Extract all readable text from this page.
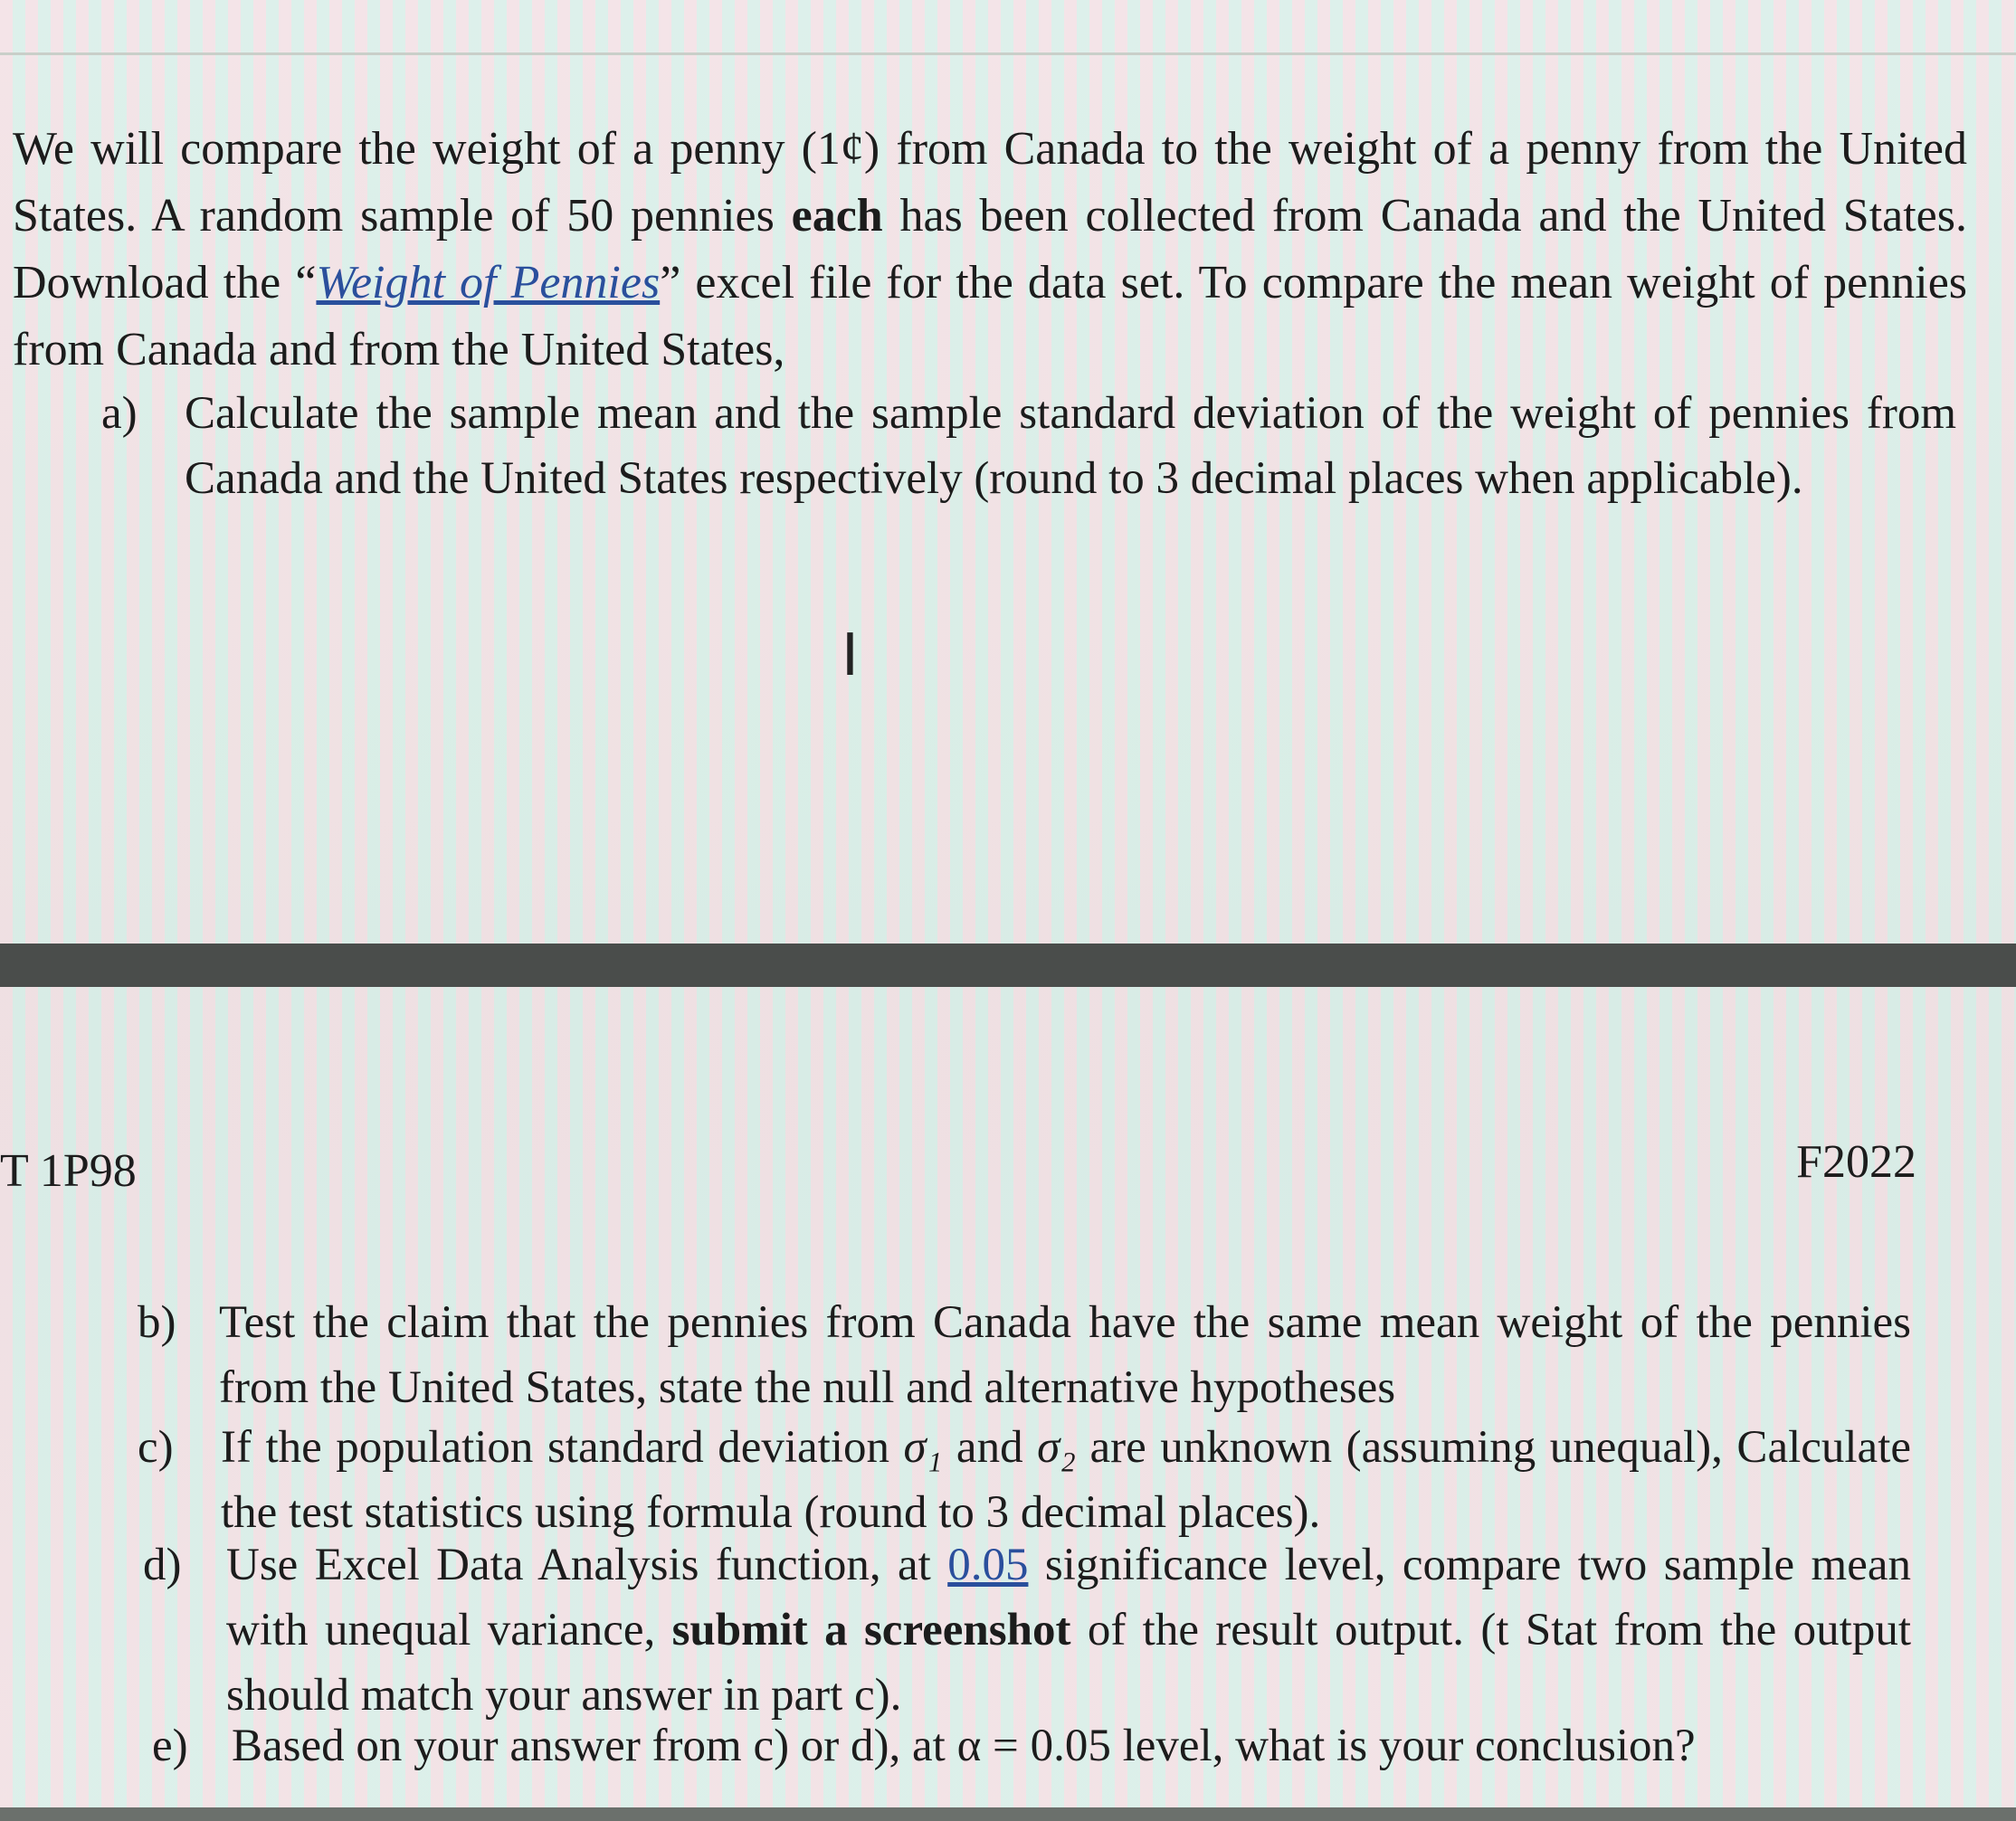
We will compare the weight of a penny (1¢) from Canada to the weight of a penny from the United States. A random sample of 50 pennies each has been collected from Canada and the United States. Download the “Weight of Pennies” excel file for the data set. To compare the mean weight of pennies from Canada and from the United States,
a) Calculate the sample mean and the sample standard deviation of the weight of pennies from Canada and the United States respectively (round to 3 decimal places when applicable).
I
T 1P98	F2022
b) Test the claim that the pennies from Canada have the same mean weight of the pennies from the United States, state the null and alternative hypotheses
c) If the population standard deviation σ₁ and σ₂ are unknown (assuming unequal), Calculate the test statistics using formula (round to 3 decimal places).
d) Use Excel Data Analysis function, at 0.05 significance level, compare two sample mean with unequal variance, submit a screenshot of the result output. (t Stat from the output should match your answer in part c).
e) Based on your answer from c) or d), at α = 0.05 level, what is your conclusion?
